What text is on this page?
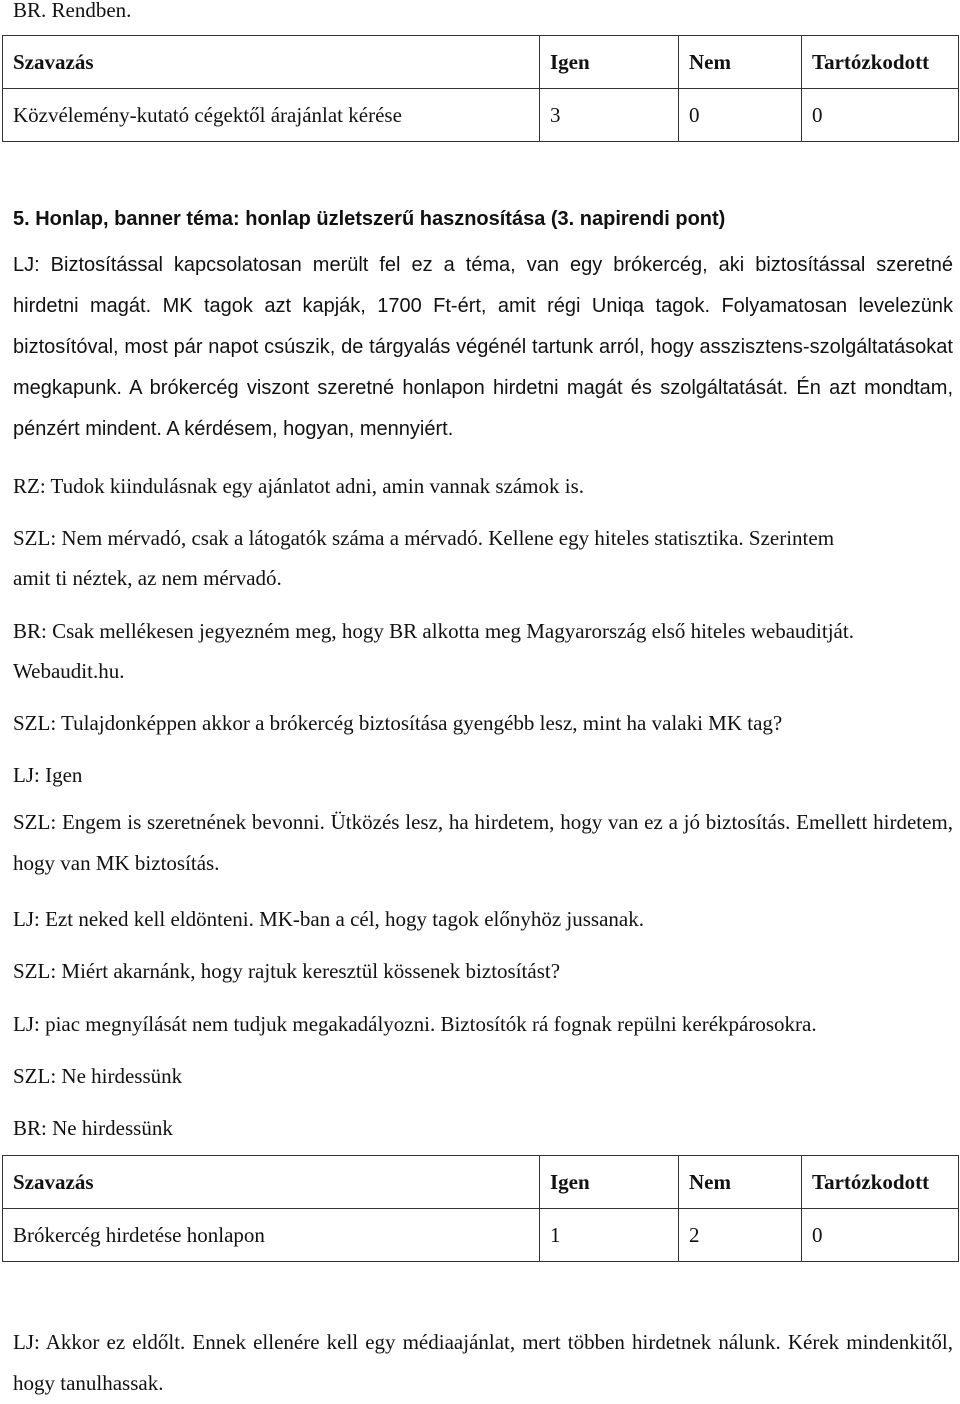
BR. Rendben.

Szavazás	Igen	Nem	Tartózkodott
Közvélemény-kutató cégektől árajánlat kérése	3	0	0

5. Honlap, banner téma: honlap üzletszerű hasznosítása (3. napirendi pont)

LJ: Biztosítással kapcsolatosan merült fel ez a téma, van egy brókercég, aki biztosítással szeretné hirdetni magát. MK tagok azt kapják, 1700 Ft-ért, amit régi Uniqa tagok. Folyamatosan levelezünk biztosítóval, most pár napot csúszik, de tárgyalás végénél tartunk arról, hogy asszisztens-szolgáltatásokat megkapunk. A brókercég viszont szeretné honlapon hirdetni magát és szolgáltatását. Én azt mondtam, pénzért mindent. A kérdésem, hogyan, mennyiért.

RZ: Tudok kiindulásnak egy ajánlatot adni, amin vannak számok is.

SZL: Nem mérvadó, csak a látogatók száma a mérvadó. Kellene egy hiteles statisztika. Szerintem

amit ti néztek, az nem mérvadó.

BR: Csak mellékesen jegyezném meg, hogy BR alkotta meg Magyarország első hiteles webauditját.

Webaudit.hu.

SZL: Tulajdonképpen akkor a brókercég biztosítása gyengébb lesz, mint ha valaki MK tag?

LJ: Igen

SZL: Engem is szeretnének bevonni. Ütközés lesz, ha hirdetem, hogy van ez a jó biztosítás. Emellett hirdetem, hogy van MK biztosítás.

LJ: Ezt neked kell eldönteni. MK-ban a cél, hogy tagok előnyhöz jussanak.

SZL: Miért akarnánk, hogy rajtuk keresztül kössenek biztosítást?

LJ: piac megnyílását nem tudjuk megakadályozni. Biztosítók rá fognak repülni kerékpárosokra.

SZL: Ne hirdessünk

BR: Ne hirdessünk

Szavazás	Igen	Nem	Tartózkodott
Brókercég hirdetése honlapon	1	2	0

LJ: Akkor ez eldőlt. Ennek ellenére kell egy médiaajánlat, mert többen hirdetnek nálunk. Kérek mindenkitől, hogy tanulhassak.
